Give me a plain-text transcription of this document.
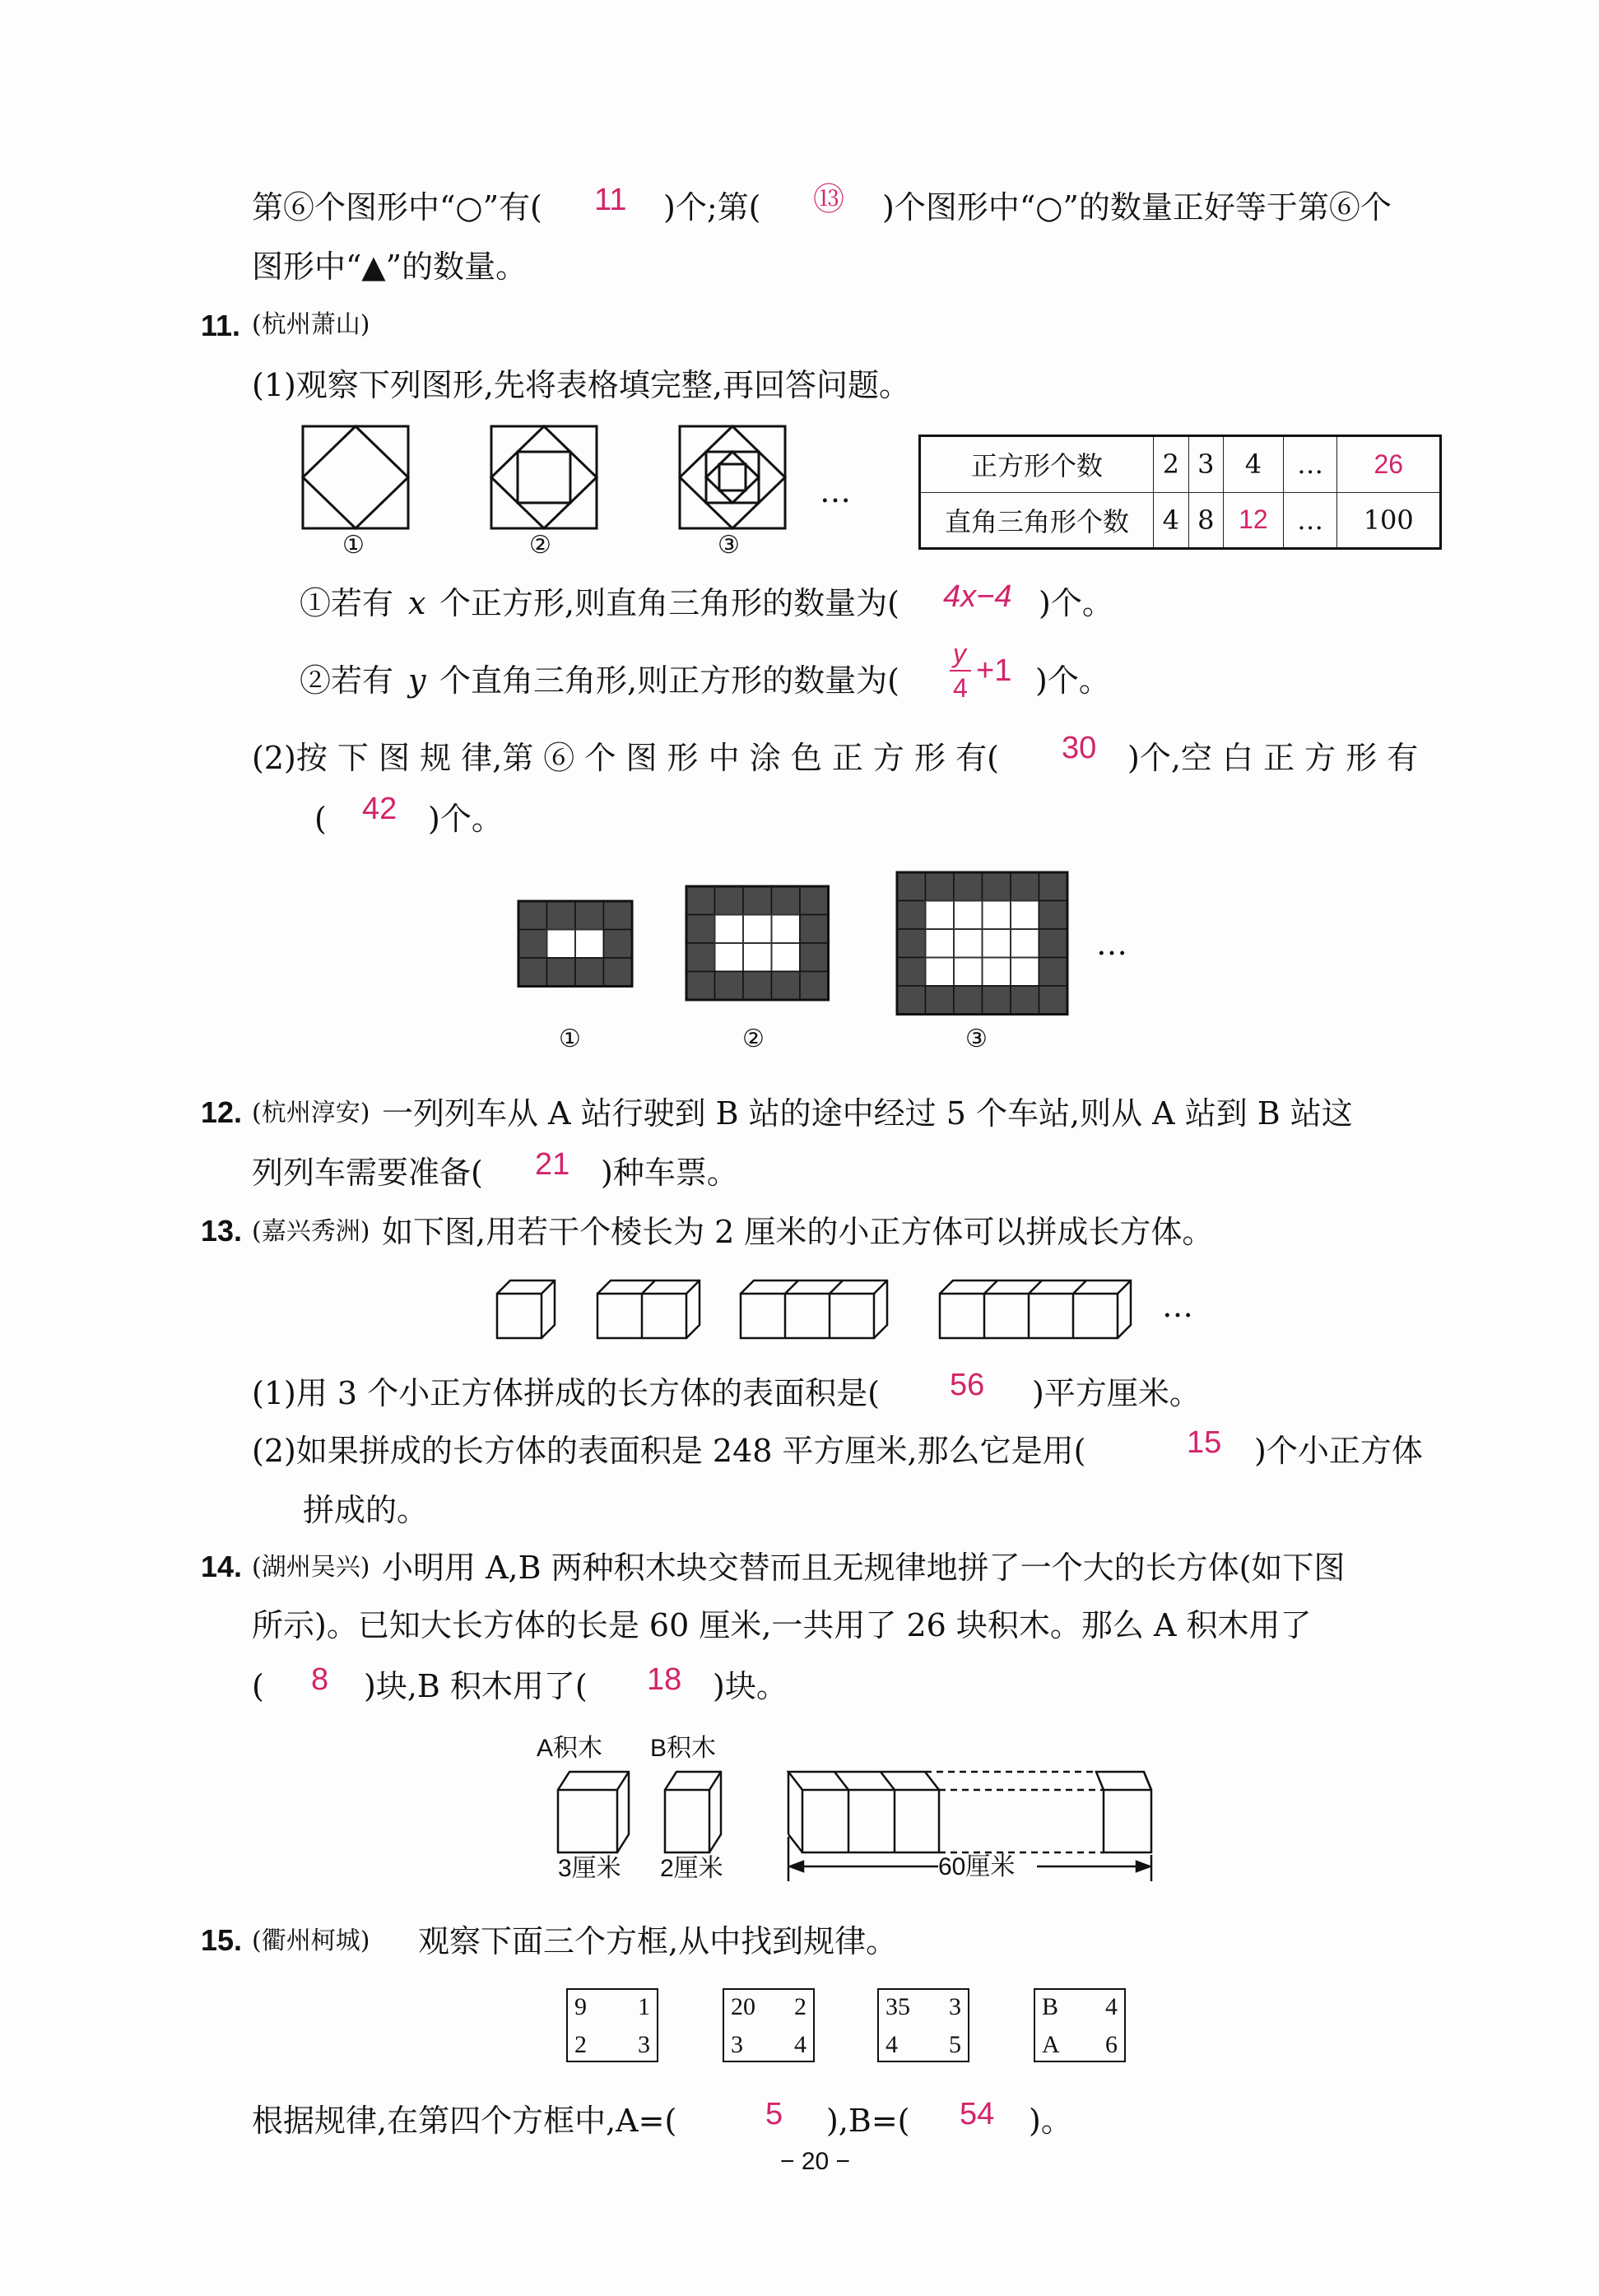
第⑥个图形中“○”有( 11 )个;第( ⑬ )个图形中“○”的数量正好等于第⑥个
图形中“▲”的数量。
11. (杭州萧山)
(1)观察下列图形,先将表格填完整,再回答问题。
①	②	③
…
正方形个数	2	3	4	…	26
直角三角形个数	4	8	12	…	100
①若有 x 个正方形,则直角三角形的数量为( 4x−4 )个。
②若有 y 个直角三角形,则正方形的数量为(
y
4 +1 )个。
(2)按 下 图 规 律,第 ⑥ 个 图 形 中 涂 色 正 方 形 有( 30 )个,空 白 正 方 形 有
( 42 )个。
①	②	③
…
12. (杭州淳安) 一列列车从 A 站行驶到 B 站的途中经过 5 个车站,则从 A 站到 B 站这
列列车需要准备( 21 )种车票。
13. (嘉兴秀洲) 如下图,用若干个棱长为 2 厘米的小正方体可以拼成长方体。
…
(1)用 3 个小正方体拼成的长方体的表面积是( 56 )平方厘米。
(2)如果拼成的长方体的表面积是 248 平方厘米,那么它是用(	15 )个小正方体
拼成的。
14. (湖州吴兴) 小明用 A,B 两种积木块交替而且无规律地拼了一个大的长方体(如下图
所示)。已知大长方体的长是 60 厘米,一共用了 26 块积木。那么 A 积木用了
( 8 )块,B 积木用了( 18 )块。
A积木 B积木
3厘米 2厘米	60厘米
15. (衢州柯城) 观察下面三个方框,从中找到规律。
9 1
2 3
20 2
3 4
35 3
4 5
B 4
A 6
根据规律,在第四个方框中,A=(	5 ),B=( 54 )。
− 20 −
